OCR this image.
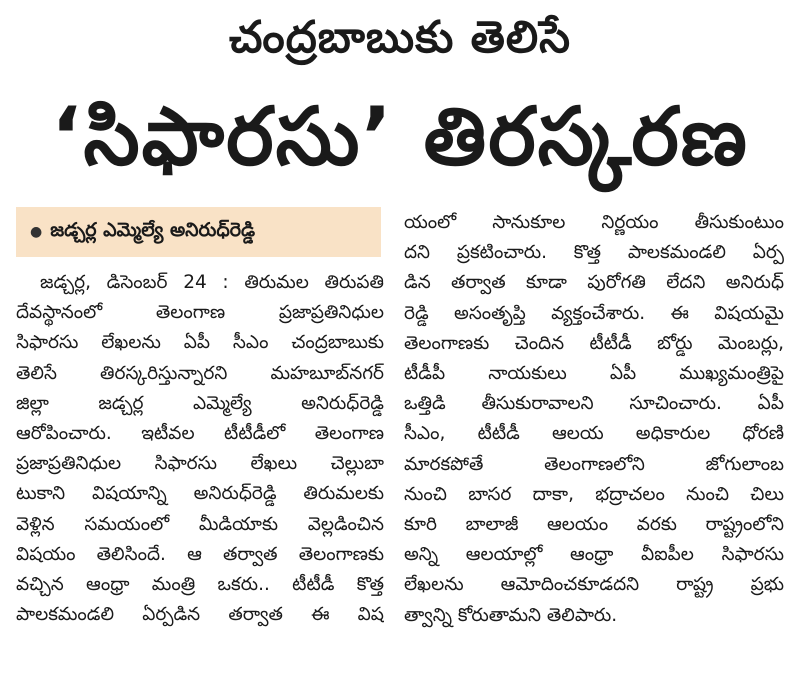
చంద్రబాబుకు తెలిసే
‘సిఫారసు’ తిరస్కరణ
● జడ్చర్ల ఎమ్మెల్యే అనిరుధ్‌రెడ్డి
జడ్చర్ల, డిసెంబర్ 24 : తిరుమల తిరుపతి
దేవస్థానంలో తెలంగాణ ప్రజాప్రతినిధుల
సిఫారసు లేఖలను ఏపీ సీఎం చంద్రబాబుకు
తెలిసే తిరస్కరిస్తున్నారని మహబూబ్‌నగర్
జిల్లా జడ్చర్ల ఎమ్మెల్యే అనిరుధ్‌రెడ్డి
ఆరోపించారు. ఇటీవల టీటీడీలో తెలంగాణ
ప్రజాప్రతినిధుల సిఫారసు లేఖలు చెల్లుబా
టుకాని విషయాన్ని అనిరుధ్‌రెడ్డి తిరుమలకు
వెళ్లిన సమయంలో మీడియాకు వెల్లడించిన
విషయం తెలిసిందే. ఆ తర్వాత తెలంగాణకు
వచ్చిన ఆంధ్రా మంత్రి ఒకరు.. టీటీడీ కొత్త
పాలకమండలి ఏర్పడిన తర్వాత ఈ విష
యంలో సానుకూల నిర్ణయం తీసుకుంటుం
దని ప్రకటించారు. కొత్త పాలకమండలి ఏర్ప
డిన తర్వాత కూడా పురోగతి లేదని అనిరుధ్
రెడ్డి అసంతృప్తి వ్యక్తంచేశారు. ఈ విషయమై
తెలంగాణకు చెందిన టీటీడీ బోర్డు మెంబర్లు,
టీడీపీ నాయకులు ఏపీ ముఖ్యమంత్రిపై
ఒత్తిడి తీసుకురావాలని సూచించారు. ఏపీ
సీఎం, టీటీడీ ఆలయ అధికారుల ధోరణి
మారకపోతే తెలంగాణలోని జోగులాంబ
నుంచి బాసర దాకా, భద్రాచలం నుంచి చిలు
కూరి బాలాజీ ఆలయం వరకు రాష్ట్రంలోని
అన్ని ఆలయాల్లో ఆంధ్రా వీఐపీల సిఫారసు
లేఖలను ఆమోదించకూడదని రాష్ట్ర ప్రభు
త్వాన్ని కోరుతామని తెలిపారు.
